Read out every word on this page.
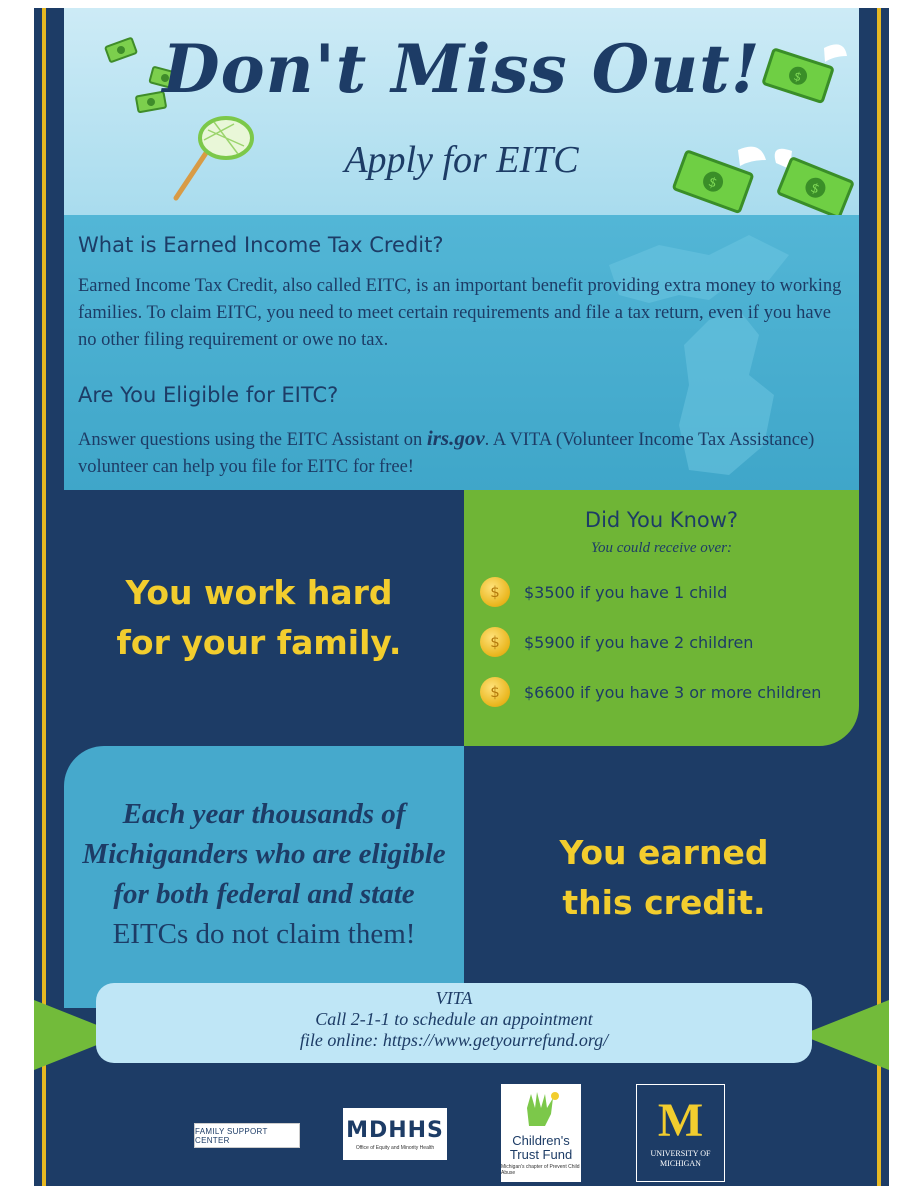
$
$	$
Don't Miss Out!
Apply for EITC
What is Earned Income Tax Credit?

Earned Income Tax Credit, also called EITC, is an important benefit providing extra money to working families. To claim EITC, you need to meet certain requirements and file a tax return, even if you have no other filing requirement or owe no tax.

Are You Eligible for EITC?

Answer questions using the EITC Assistant on irs.gov. A VITA (Volunteer Income Tax Assistance) volunteer can help you file for EITC for free!

You work hard
for your family.
Did You Know?
You could receive over:
$	$3500 if you have 1 child
$	$5900 if you have 2 children
$	$6600 if you have 3 or more children
Each year thousands of
Michiganders who are eligible
for both federal and state
EITCs do not claim them!
You earned
this credit.
VITA
Call 2-1-1 to schedule an appointment
file online: https://www.getyourrefund.org/
FAMILY SUPPORT CENTER	MDHHS
Office of Equity and Minority Health	Children's
Trust Fund
Michigan's chapter of Prevent Child Abuse
M
UNIVERSITY OF
MICHIGAN
